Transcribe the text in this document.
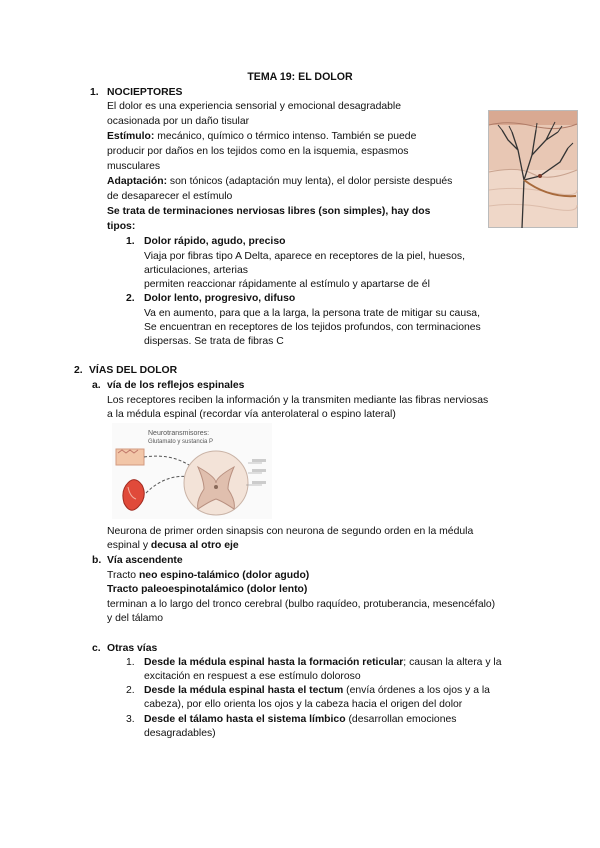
TEMA 19: EL DOLOR
1. NOCIEPTORES
El dolor es una experiencia sensorial y emocional desagradable
ocasionada por un daño tisular
Estímulo: mecánico, químico o térmico intenso. También se puede
producir por daños en los tejidos como en la isquemia, espasmos
musculares
Adaptación: son tónicos (adaptación muy lenta), el dolor persiste después
de desaparecer el estímulo
Se trata de terminaciones nerviosas libres (son simples), hay dos
tipos:
1. Dolor rápido, agudo, preciso
Viaja por fibras tipo A Delta, aparece en receptores de la piel, huesos,
articulaciones, arterias
permiten reaccionar rápidamente al estímulo y apartarse de él
2. Dolor lento, progresivo, difuso
Va en aumento, para que a la larga, la persona trate de mitigar su causa,
Se encuentran en receptores de los tejidos profundos, con terminaciones
dispersas. Se trata de fibras C
2. VÍAS DEL DOLOR
a. vía de los reflejos espinales
Los receptores reciben la información y la transmiten mediante las fibras nerviosas
a la médula espinal (recordar vía anterolateral o espino lateral)
Neurotransmisores:
Glutamato y sustancia P
Neurona de primer orden sinapsis con neurona de segundo orden en la médula
espinal y decusa al otro eje
b. Vía ascendente
Tracto neo espino-talámico (dolor agudo)
Tracto paleoespinotalámico (dolor lento)
terminan a lo largo del tronco cerebral (bulbo raquídeo, protuberancia, mesencéfalo)
y del tálamo
c. Otras vías
1. Desde la médula espinal hasta la formación reticular; causan la altera y la
excitación en respuest a ese estímulo doloroso
2. Desde la médula espinal hasta el tectum (envía órdenes a los ojos y a la
cabeza), por ello orienta los ojos y la cabeza hacia el origen del dolor
3. Desde el tálamo hasta el sistema límbico (desarrollan emociones
desagradables)
